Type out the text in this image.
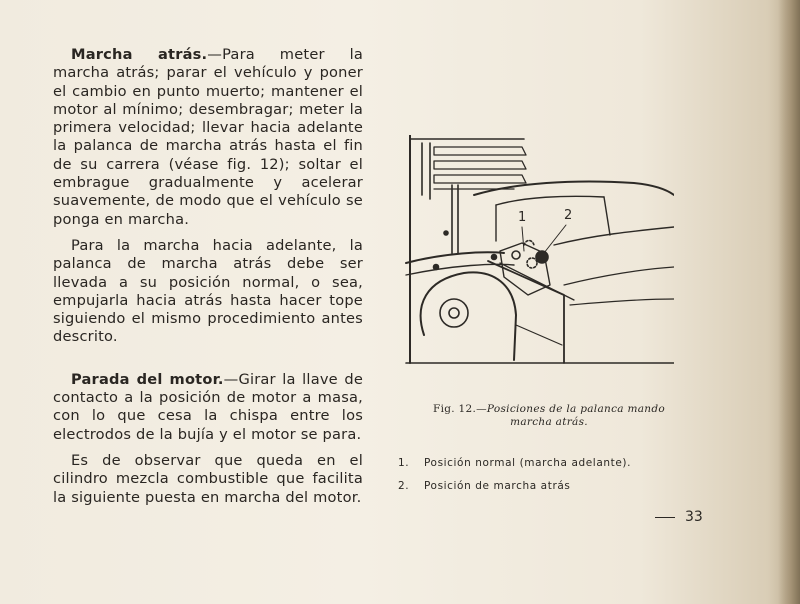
Marcha atrás.—Para meter la marcha atrás; parar el vehículo y poner el cambio en punto muerto; mantener el motor al mínimo; desembragar; meter la primera velocidad; llevar hacia adelante la palanca de marcha atrás hasta el fin de su carrera (véase fig. 12); soltar el embrague gradualmente y acelerar suavemente, de modo que el vehículo se ponga en marcha.

Para la marcha hacia adelante, la palanca de marcha atrás debe ser llevada a su posición normal, o sea, empujarla hacia atrás hasta hacer tope siguiendo el mismo procedimiento antes descrito.

Parada del motor.—Girar la llave de contacto a la posición de motor a masa, con lo que cesa la chispa entre los electrodos de la bujía y el motor se para.

Es de observar que queda en el cilindro mezcla combustible que facilita la siguiente puesta en marcha del motor.

1	2
Fig. 12.—Posiciones de la palanca mando marcha atrás.
1. Posición normal (marcha adelante).
2. Posición de marcha atrás
33
